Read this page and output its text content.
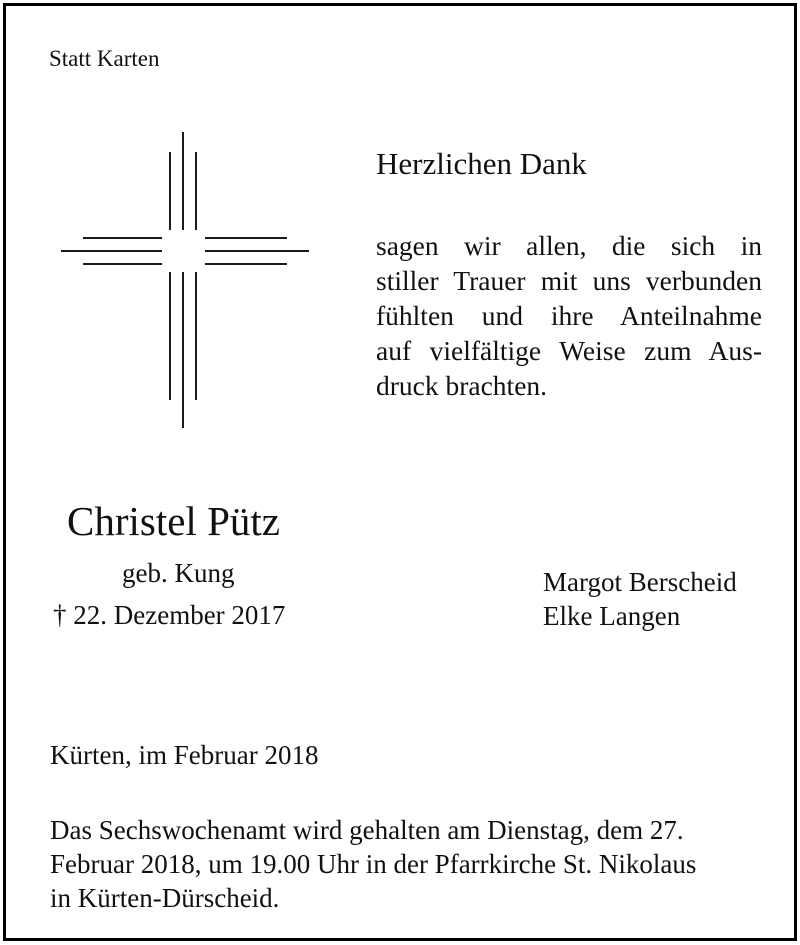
Statt Karten
Herzlichen Dank
sagen wir allen, die sich in
stiller Trauer mit uns verbunden
fühlten und ihre Anteilnahme
auf vielfältige Weise zum Aus-
druck brachten.
Christel Pütz
geb. Kung
† 22. Dezember 2017
Margot Berscheid
Elke Langen
Kürten, im Februar 2018
Das Sechswochenamt wird gehalten am Dienstag, dem 27.
Februar 2018, um 19.00 Uhr in der Pfarrkirche St. Nikolaus
in Kürten-Dürscheid.
